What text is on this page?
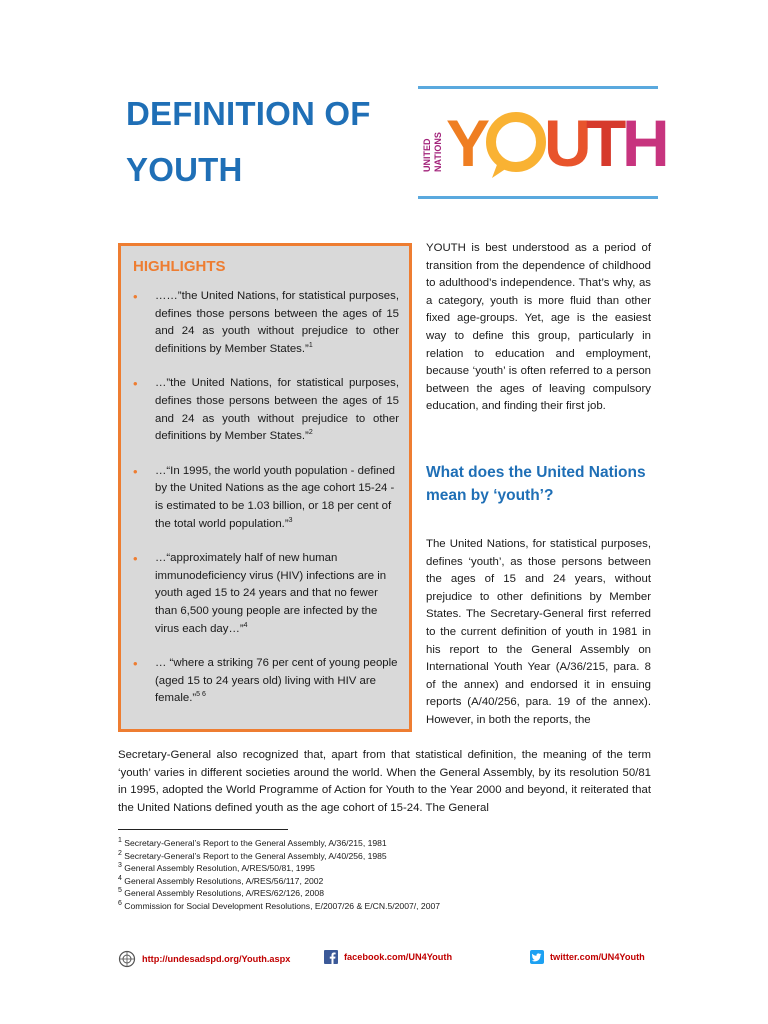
DEFINITION OF
YOUTH	UNITED NATIONS Y U
T
H
HIGHLIGHTS
• ……”the United Nations, for statistical purposes, defines those persons between the ages of 15 and 24 as youth without prejudice to other definitions by Member States.”$^1$
• …”the United Nations, for statistical purposes, defines those persons between the ages of 15 and 24 as youth without prejudice to other definitions by Member States.”$^2$
• …“In 1995, the world youth population - defined by the United Nations as the age cohort 15-24 - is estimated to be 1.03 billion, or 18 per cent of the total world population.”$^3$
• …“approximately half of new human immunodeficiency virus (HIV) infections are in youth aged 15 to 24 years and that no fewer than 6,500 young people are infected by the virus each day…”$^4$
• … “where a striking 76 per cent of young people (aged 15 to 24 years old) living with HIV are female.”$^{5 6}$

YOUTH is best understood as a period of transition from the dependence of childhood to adulthood’s independence. That’s why, as a category, youth is more fluid than other fixed age-groups. Yet, age is the easiest way to define this group, particularly in relation to education and employment, because ‘youth’ is often referred to a person between the ages of leaving compulsory education, and finding their first job.

What does the United Nations mean by ‘youth’?

The United Nations, for statistical purposes, defines ‘youth’, as those persons between the ages of 15 and 24 years, without prejudice to other definitions by Member States. The Secretary-General first referred to the current definition of youth in 1981 in his report to the General Assembly on International Youth Year (A/36/215, para. 8 of the annex) and endorsed it in ensuing reports (A/40/256, para. 19 of the annex). However, in both the reports, the

Secretary-General also recognized that, apart from that statistical definition, the meaning of the term ‘youth’ varies in different societies around the world. When the General Assembly, by its resolution 50/81 in 1995, adopted the World Programme of Action for Youth to the Year 2000 and beyond, it reiterated that the United Nations defined youth as the age cohort of 15-24. The General

$^1$ Secretary-General’s Report to the General Assembly, A/36/215, 1981
$^2$ Secretary-General’s Report to the General Assembly, A/40/256, 1985
$^3$ General Assembly Resolution, A/RES/50/81, 1995
$^4$ General Assembly Resolutions, A/RES/56/117, 2002
$^5$ General Assembly Resolutions, A/RES/62/126, 2008
$^6$ Commission for Social Development Resolutions, E/2007/26 & E/CN.5/2007/, 2007
http://undesadspd.org/Youth.aspx	facebook.com/UN4Youth	twitter.com/UN4Youth
